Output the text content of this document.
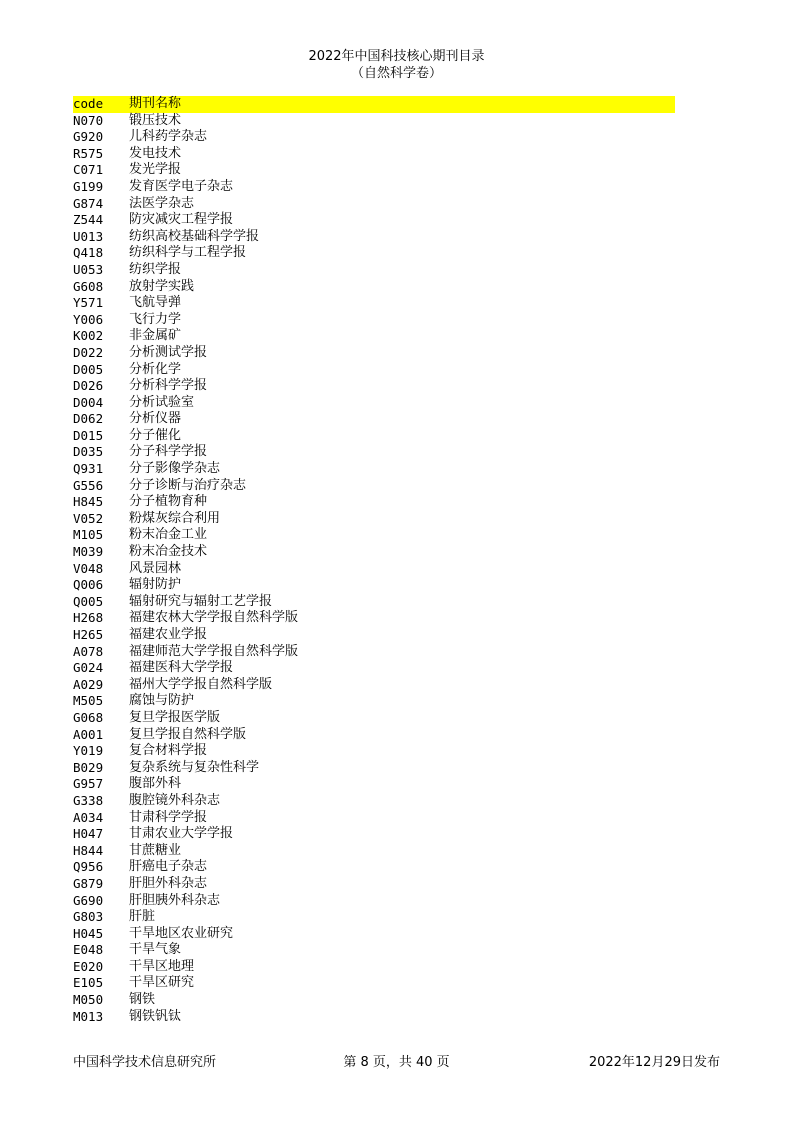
2022年中国科技核心期刊目录
（自然科学卷）
code	期刊名称
N070	锻压技术
G920	儿科药学杂志
R575	发电技术
C071	发光学报
G199	发育医学电子杂志
G874	法医学杂志
Z544	防灾减灾工程学报
U013	纺织高校基础科学学报
Q418	纺织科学与工程学报
U053	纺织学报
G608	放射学实践
Y571	飞航导弹
Y006	飞行力学
K002	非金属矿
D022	分析测试学报
D005	分析化学
D026	分析科学学报
D004	分析试验室
D062	分析仪器
D015	分子催化
D035	分子科学学报
Q931	分子影像学杂志
G556	分子诊断与治疗杂志
H845	分子植物育种
V052	粉煤灰综合利用
M105	粉末冶金工业
M039	粉末冶金技术
V048	风景园林
Q006	辐射防护
Q005	辐射研究与辐射工艺学报
H268	福建农林大学学报自然科学版
H265	福建农业学报
A078	福建师范大学学报自然科学版
G024	福建医科大学学报
A029	福州大学学报自然科学版
M505	腐蚀与防护
G068	复旦学报医学版
A001	复旦学报自然科学版
Y019	复合材料学报
B029	复杂系统与复杂性科学
G957	腹部外科
G338	腹腔镜外科杂志
A034	甘肃科学学报
H047	甘肃农业大学学报
H844	甘蔗糖业
Q956	肝癌电子杂志
G879	肝胆外科杂志
G690	肝胆胰外科杂志
G803	肝脏
H045	干旱地区农业研究
E048	干旱气象
E020	干旱区地理
E105	干旱区研究
M050	钢铁
M013	钢铁钒钛
第 8 页，共 40 页
中国科学技术信息研究所	2022年12月29日发布
